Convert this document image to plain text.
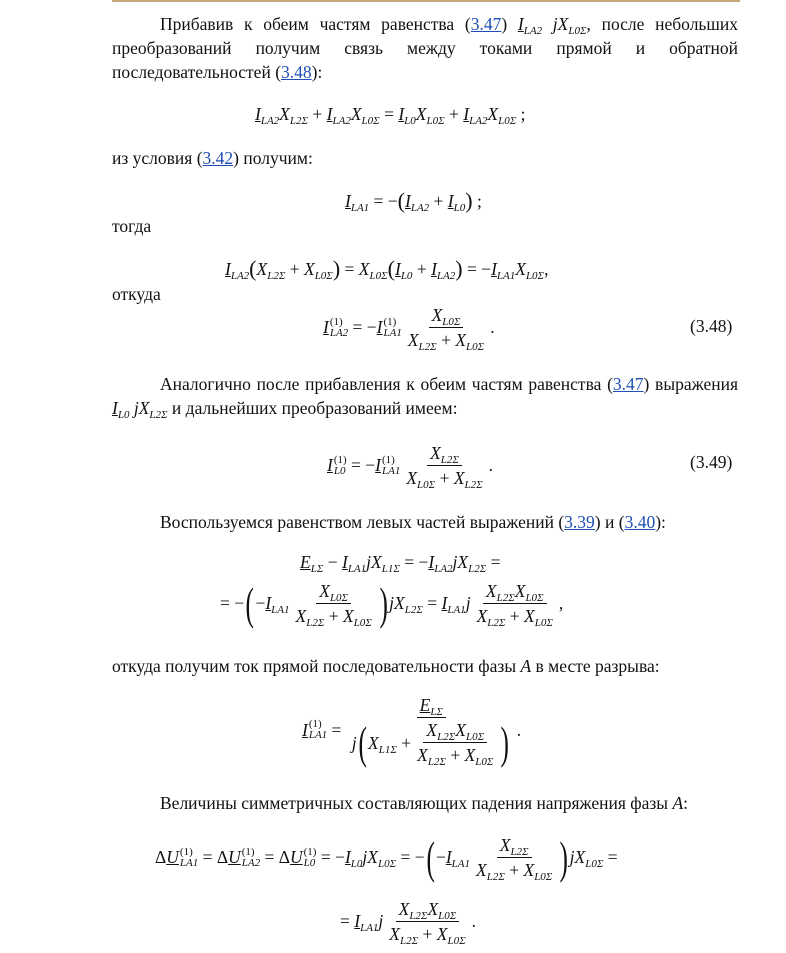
Прибавив к обеим частям равенства (3.47) $I_{LA2}$ $jX_{L0\Sigma}$, после небольших преобразований получим связь между токами прямой и обратной последовательностей (3.48):
$I_{LA2}X_{L2\Sigma} + I_{LA2}X_{L0\Sigma} = I_{L0}X_{L0\Sigma} + I_{LA2}X_{L0\Sigma}$ ;
из условия (3.42) получим:
$I_{LA1}$ = − ( $I_{LA2} + I_{L0}$ ) ;
тогда
$I_{LA2}$ ( $X_{L2\Sigma} + X_{L0\Sigma}$ ) = $X_{L0\Sigma}$ ( $I_{L0} + I_{LA2}$ ) = − $I_{LA1}X_{L0\Sigma}$ ,
откуда
I (1)
LA2 = − I (1)
$LA1 \frac{X_{L0\Sigma}}{X_{L2\Sigma} + X_{L0\Sigma}}$ .	(3.48)
Аналогично после прибавления к обеим частям равенства (3.47) выражения $I_{L0}$ $jX_{L2\Sigma}$ и дальнейших преобразований имеем:
I (1)
L0 = − I (1)
$LA1 \frac{X_{L2\Sigma}}{X_{L0\Sigma} + X_{L2\Sigma}}$ .	(3.49)
Воспользуемся равенством левых частей выражений (3.39) и (3.40):
$E_{L\Sigma} - I_{LA1}jX_{L1\Sigma}$ = − $I_{LA2}jX_{L2\Sigma}$ =
= − ( − $I_{LA1} \frac{X_{L0\Sigma}}{X_{L2\Sigma} + X_{L0\Sigma}}$ ) $jX_{L2\Sigma} = I_{LA1}j \frac{X_{L2\Sigma}X_{L0\Sigma}}{X_{L2\Sigma} + X_{L0\Sigma}}$ ,
откуда получим ток прямой последовательности фазы A в месте разрыва:
I (1)
$LA1 = \frac{E_{L\Sigma}}{j ( X_{L1\Sigma} + \frac{X_{L2\Sigma}X_{L0\Sigma}}{X_{L2\Sigma} + X_{L0\Sigma}} )}$ .
Величины симметричных составляющих падения напряжения фазы A:
Δ U (1)
LA1 = Δ U (1)
LA2 = Δ U (1)
L0 = − $I_{L0}jX_{L0\Sigma}$ = − ( − $I_{LA1} \frac{X_{L2\Sigma}}{X_{L2\Sigma} + X_{L0\Sigma}}$ ) $jX_{L0\Sigma}$ =
= $I_{LA1}j \frac{X_{L2\Sigma}X_{L0\Sigma}}{X_{L2\Sigma} + X_{L0\Sigma}}$ .
